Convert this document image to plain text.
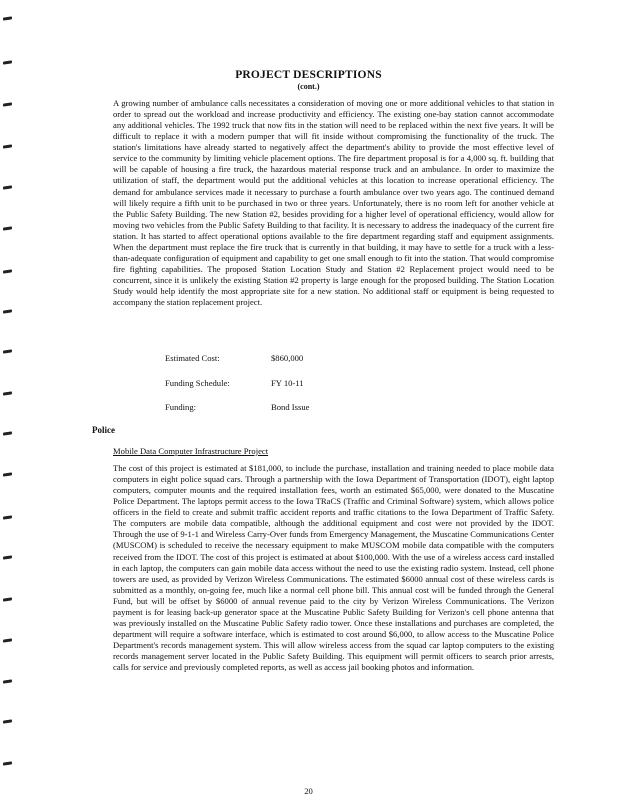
PROJECT DESCRIPTIONS
(cont.)

A growing number of ambulance calls necessitates a consideration of moving one or more additional vehicles to that station in order to spread out the workload and increase productivity and efficiency. The existing one-bay station cannot accommodate any additional vehicles. The 1992 truck that now fits in the station will need to be replaced within the next five years. It will be difficult to replace it with a modern pumper that will fit inside without compromising the functionality of the truck. The station's limitations have already started to negatively affect the department's ability to provide the most effective level of service to the community by limiting vehicle placement options. The fire department proposal is for a 4,000 sq. ft. building that will be capable of housing a fire truck, the hazardous material response truck and an ambulance. In order to maximize the utilization of staff, the department would put the additional vehicles at this location to increase operational efficiency. The demand for ambulance services made it necessary to purchase a fourth ambulance over two years ago. The continued demand will likely require a fifth unit to be purchased in two or three years. Unfortunately, there is no room left for another vehicle at the Public Safety Building. The new Station #2, besides providing for a higher level of operational efficiency, would allow for moving two vehicles from the Public Safety Building to that facility. It is necessary to address the inadequacy of the current fire station. It has started to affect operational options available to the fire department regarding staff and equipment assignments. When the department must replace the fire truck that is currently in that building, it may have to settle for a truck with a less-than-adequate configuration of equipment and capability to get one small enough to fit into the station. That would compromise fire fighting capabilities. The proposed Station Location Study and Station #2 Replacement project would need to be concurrent, since it is unlikely the existing Station #2 property is large enough for the proposed building. The Station Location Study would help identify the most appropriate site for a new station. No additional staff or equipment is being requested to accompany the station replacement project.

Estimated Cost:	$860,000
Funding Schedule:	FY 10-11
Funding:	Bond Issue
Police
Mobile Data Computer Infrastructure Project

The cost of this project is estimated at $181,000, to include the purchase, installation and training needed to place mobile data computers in eight police squad cars. Through a partnership with the Iowa Department of Transportation (IDOT), eight laptop computers, computer mounts and the required installation fees, worth an estimated $65,000, were donated to the Muscatine Police Department. The laptops permit access to the Iowa TRaCS (Traffic and Criminal Software) system, which allows police officers in the field to create and submit traffic accident reports and traffic citations to the Iowa Department of Traffic Safety. The computers are mobile data compatible, although the additional equipment and cost were not provided by the IDOT. Through the use of 9-1-1 and Wireless Carry-Over funds from Emergency Management, the Muscatine Communications Center (MUSCOM) is scheduled to receive the necessary equipment to make MUSCOM mobile data compatible with the computers received from the IDOT. The cost of this project is estimated at about $100,000. With the use of a wireless access card installed in each laptop, the computers can gain mobile data access without the need to use the existing radio system. Instead, cell phone towers are used, as provided by Verizon Wireless Communications. The estimated $6000 annual cost of these wireless cards is submitted as a monthly, on-going fee, much like a normal cell phone bill. This annual cost will be funded through the General Fund, but will be offset by $6000 of annual revenue paid to the city by Verizon Wireless Communications. The Verizon payment is for leasing back-up generator space at the Muscatine Public Safety Building for Verizon's cell phone antenna that was previously installed on the Muscatine Public Safety radio tower. Once these installations and purchases are completed, the department will require a software interface, which is estimated to cost around $6,000, to allow access to the Muscatine Police Department's records management system. This will allow wireless access from the squad car laptop computers to the existing records management server located in the Public Safety Building. This equipment will permit officers to search prior arrests, calls for service and previously completed reports, as well as access jail booking photos and information.

20
